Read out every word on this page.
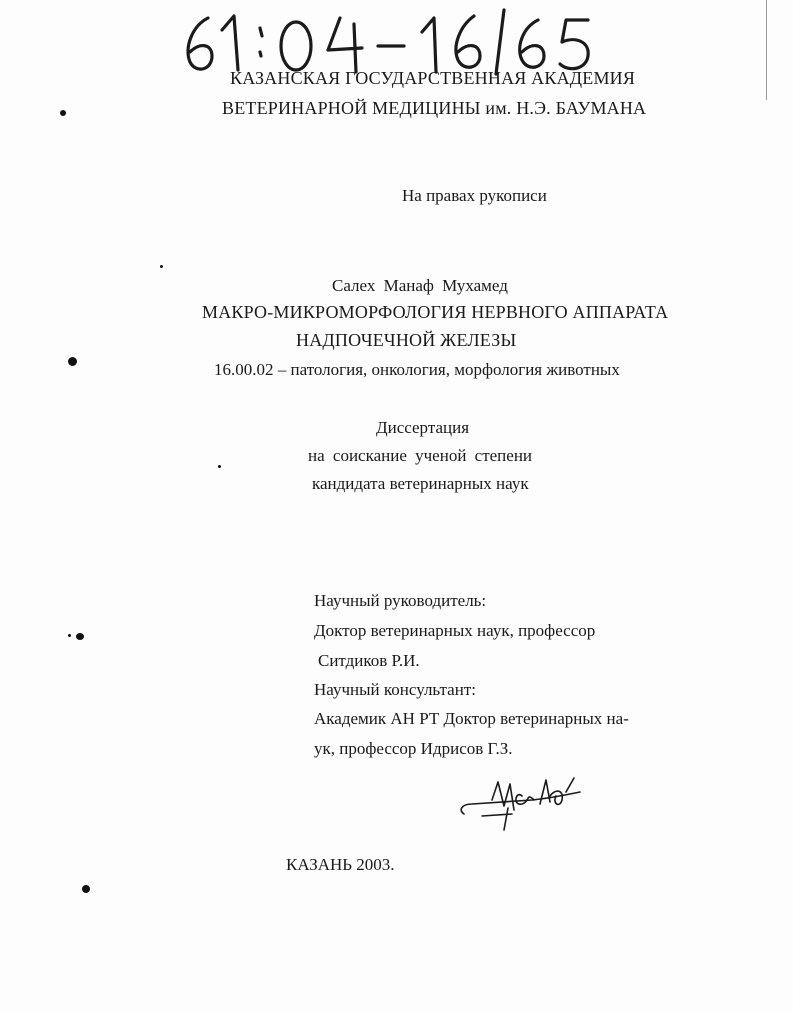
КАЗАНСКАЯ ГОСУДАРСТВЕННАЯ АКАДЕМИЯ
ВЕТЕРИНАРНОЙ МЕДИЦИНЫ им. Н.Э. БАУМАНА
На правах рукописи
Салех Манаф Мухамед
МАКРО-МИКРОМОРФОЛОГИЯ НЕРВНОГО АППАРАТА
НАДПОЧЕЧНОЙ ЖЕЛЕЗЫ
16.00.02 – патология, онкология, морфология животных
Диссертация
на соискание ученой степени
кандидата ветеринарных наук
Научный руководитель:
Доктор ветеринарных наук, профессор
Ситдиков Р.И.
Научный консультант:
Академик АН РТ Доктор ветеринарных на-
ук, профессор Идрисов Г.З.
КАЗАНЬ 2003.
